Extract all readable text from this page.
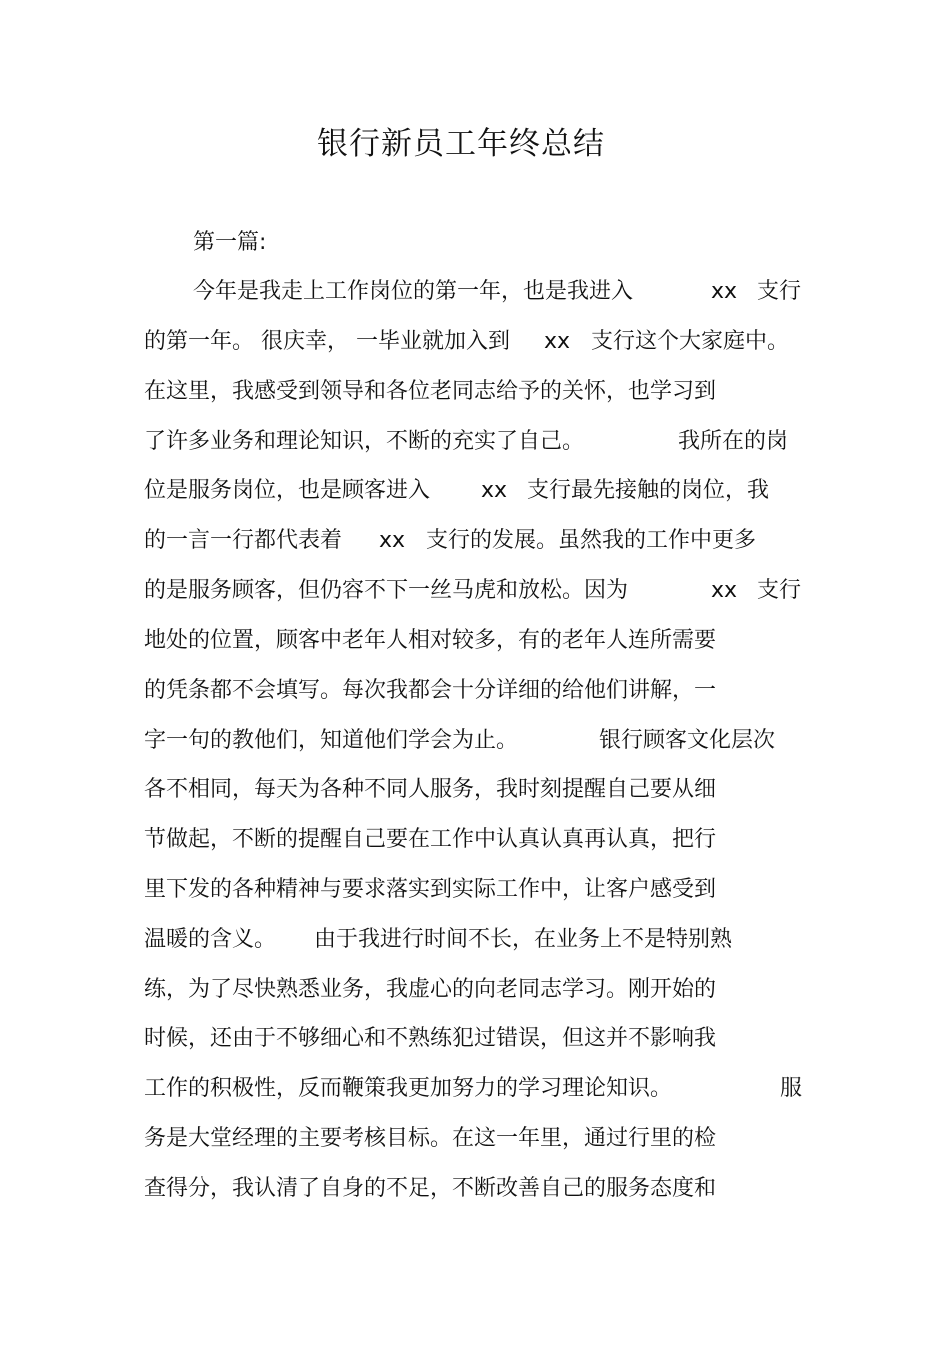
银行新员工年终总结
第一篇:
今年是我走上工作岗位的第一年，也是我进入	xx 支行
的第一年。 很庆幸， 一毕业就加入到 xx 支行这个大家庭中。
在这里，我感受到领导和各位老同志给予的关怀，也学习到
了许多业务和理论知识，不断的充实了自己。	我所在的岗
位是服务岗位，也是顾客进入 xx 支行最先接触的岗位，我
的一言一行都代表着 xx 支行的发展。虽然我的工作中更多
的是服务顾客，但仍容不下一丝马虎和放松。因为	xx 支行
地处的位置，顾客中老年人相对较多，有的老年人连所需要
的凭条都不会填写。每次我都会十分详细的给他们讲解，一
字一句的教他们，知道他们学会为止。	银行顾客文化层次
各不相同，每天为各种不同人服务，我时刻提醒自己要从细
节做起，不断的提醒自己要在工作中认真认真再认真，把行
里下发的各种精神与要求落实到实际工作中，让客户感受到
温暖的含义。 由于我进行时间不长，在业务上不是特别熟
练，为了尽快熟悉业务，我虚心的向老同志学习。刚开始的
时候，还由于不够细心和不熟练犯过错误，但这并不影响我
工作的积极性，反而鞭策我更加努力的学习理论知识。	服
务是大堂经理的主要考核目标。在这一年里，通过行里的检
查得分，我认清了自身的不足，不断改善自己的服务态度和
